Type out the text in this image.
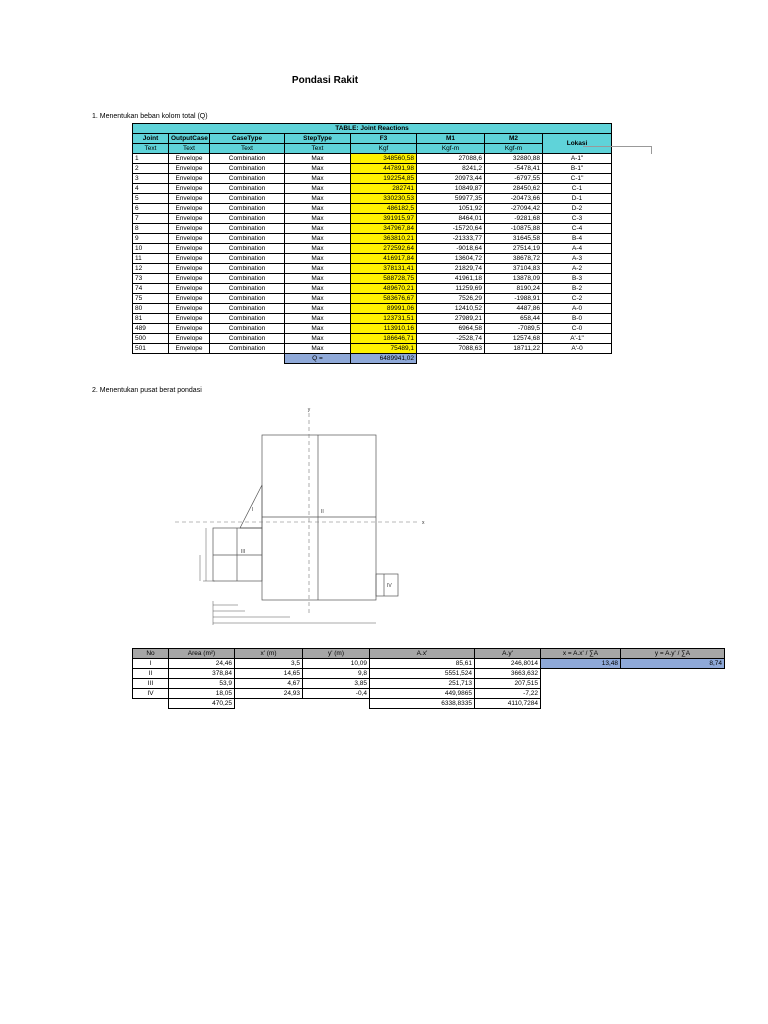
Pondasi Rakit
1. Menentukan beban kolom total (Q)
TABLE: Joint Reactions							
Joint	OutputCase	CaseType	StepType	F3	M1	M2	Lokasi
Text	Text	Text	Text	Kgf	Kgf-m	Kgf-m	
1	Envelope	Combination	Max	348560,58	27088,6	32880,88	A-1"
2	Envelope	Combination	Max	447891,98	8241,2	-5478,41	B-1"
3	Envelope	Combination	Max	192254,85	20973,44	-6797,55	C-1"
4	Envelope	Combination	Max	282741	10849,87	28450,62	C-1
5	Envelope	Combination	Max	330230,53	59977,35	-20473,66	D-1
6	Envelope	Combination	Max	486182,5	1051,92	-27094,42	D-2
7	Envelope	Combination	Max	391915,97	8464,01	-9281,68	C-3
8	Envelope	Combination	Max	347967,84	-15720,64	-10875,88	C-4
9	Envelope	Combination	Max	363810,21	-21333,77	31645,58	B-4
10	Envelope	Combination	Max	272592,64	-9018,64	27514,19	A-4
11	Envelope	Combination	Max	416917,84	13604,72	38678,72	A-3
12	Envelope	Combination	Max	378131,41	21829,74	37104,83	A-2
73	Envelope	Combination	Max	588728,75	41961,18	13878,09	B-3
74	Envelope	Combination	Max	489670,21	11259,69	8190,24	B-2
75	Envelope	Combination	Max	583676,67	7526,29	-1988,91	C-2
80	Envelope	Combination	Max	89991,06	12410,52	4487,86	A-0
81	Envelope	Combination	Max	123731,51	27989,21	658,44	B-0
489	Envelope	Combination	Max	113910,16	6964,58	-7089,5	C-0
500	Envelope	Combination	Max	186646,71	-2528,74	12574,68	A'-1"
501	Envelope	Combination	Max	75489,1	7088,63	18711,22	A'-0
			Q =	6489941,02			
2. Menentukan pusat berat pondasi
y
x
I	II
III
IV
No	Area (m²)	x' (m)	y' (m)	A.x'	A.y'	x = A.x' / ∑A	y = A.y' / ∑A
I	24,46	3,5	10,09	85,61	246,8014	13,48	8,74
II	378,84	14,65	9,8	5551,524	3663,632		
III	53,9	4,67	3,85	251,713	207,515		
IV	18,05	24,93	-0,4	449,9865	-7,22		
	470,25			6338,8335	4110,7284		
